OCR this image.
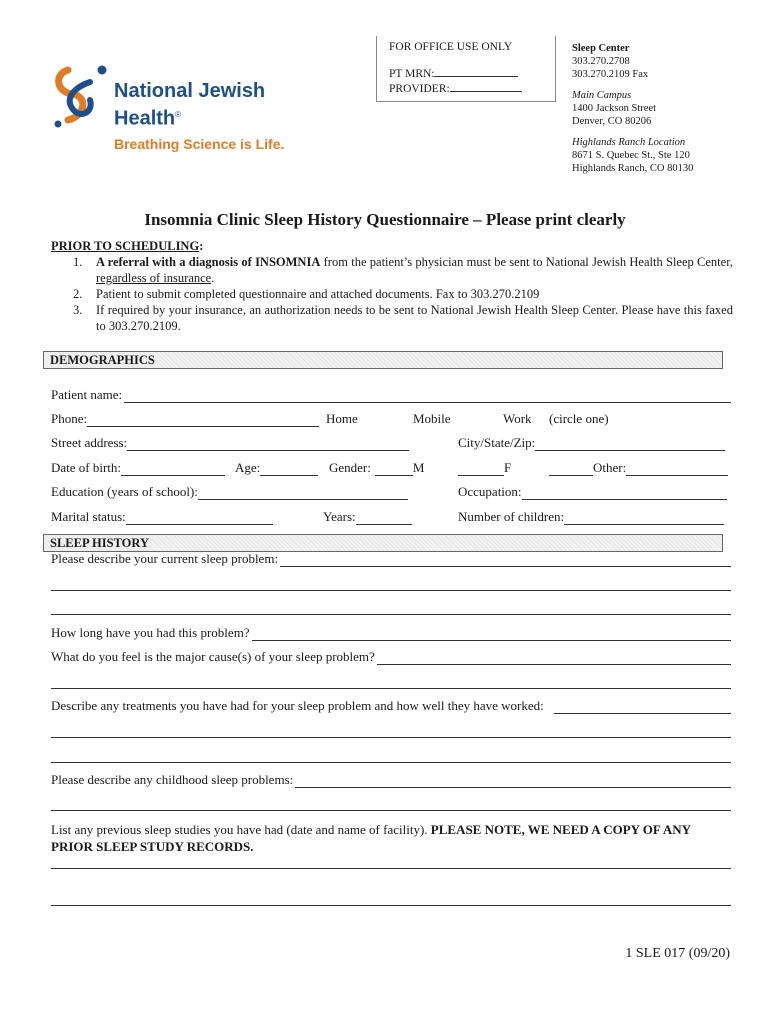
National Jewish
Health®
Breathing Science is Life.
FOR OFFICE USE ONLY
PT MRN:
PROVIDER:
Sleep Center
303.270.2708
303.270.2109 Fax
Main Campus
1400 Jackson Street
Denver, CO 80206
Highlands Ranch Location
8671 S. Quebec St., Ste 120
Highlands Ranch, CO 80130
Insomnia Clinic Sleep History Questionnaire – Please print clearly
PRIOR TO SCHEDULING:
1. A referral with a diagnosis of INSOMNIA from the patient’s physician must be sent to National Jewish Health Sleep Center, regardless of insurance.
2. Patient to submit completed questionnaire and attached documents. Fax to 303.270.2109
3. If required by your insurance, an authorization needs to be sent to National Jewish Health Sleep Center. Please have this faxed to 303.270.2109.
DEMOGRAPHICS
Patient name:
Phone:	Home	Mobile	Work (circle one)
Street address:	City/State/Zip:
Date of birth:	Age:	Gender:	M	F	Other:
Education (years of school):	Occupation:
Marital status:	Years:	Number of children:
SLEEP HISTORY
Please describe your current sleep problem:
How long have you had this problem?
What do you feel is the major cause(s) of your sleep problem?
Describe any treatments you have had for your sleep problem and how well they have worked:
Please describe any childhood sleep problems:
List any previous sleep studies you have had (date and name of facility). PLEASE NOTE, WE NEED A COPY OF ANY PRIOR SLEEP STUDY RECORDS.
1 SLE 017 (09/20)
